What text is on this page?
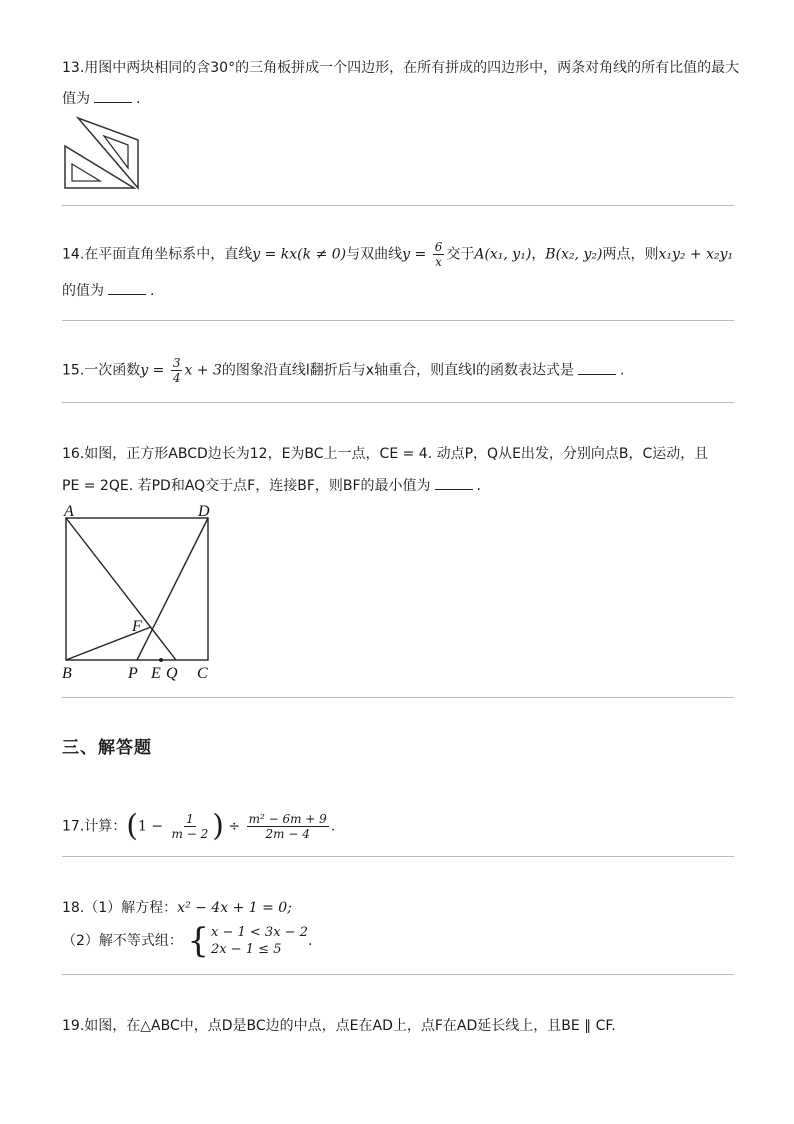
13.用图中两块相同的含30°的三角板拼成一个四边形，在所有拼成的四边形中，两条对角线的所有比值的最大
值为	.
14.在平面直角坐标系中，直线y = kx(k ≠ 0)与双曲线$y = \frac{6}{x}$ 交于A(x₁, y₁)，B(x₂, y₂)两点，则x₁y₂ + x₂y₁
的值为	.
15.一次函数$y = \frac{3}{4}$ x + 3的图象沿直线l翻折后与x轴重合，则直线l的函数表达式是	.
16.如图，正方形ABCD边长为12，E为BC上一点，CE = 4. 动点P，Q从E出发，分别向点B，C运动，且
PE = 2QE. 若PD和AQ交于点F，连接BF，则BF的最小值为	.
A	D
B	C
F
P E Q
三、解答题
17.计算：($1 - \frac{1}{m - 2}$ ) ÷ $\frac{\text{m² − 6m + 9}}{2m - 4}$ .
18.（1）解方程：x² − 4x + 1 = 0;
（2）解不等式组： { x − 1 < 3x − 2
2x − 1 ≤ 5
.
19.如图，在△ABC中，点D是BC边的中点，点E在AD上，点F在AD延长线上，且BE ∥ CF.
